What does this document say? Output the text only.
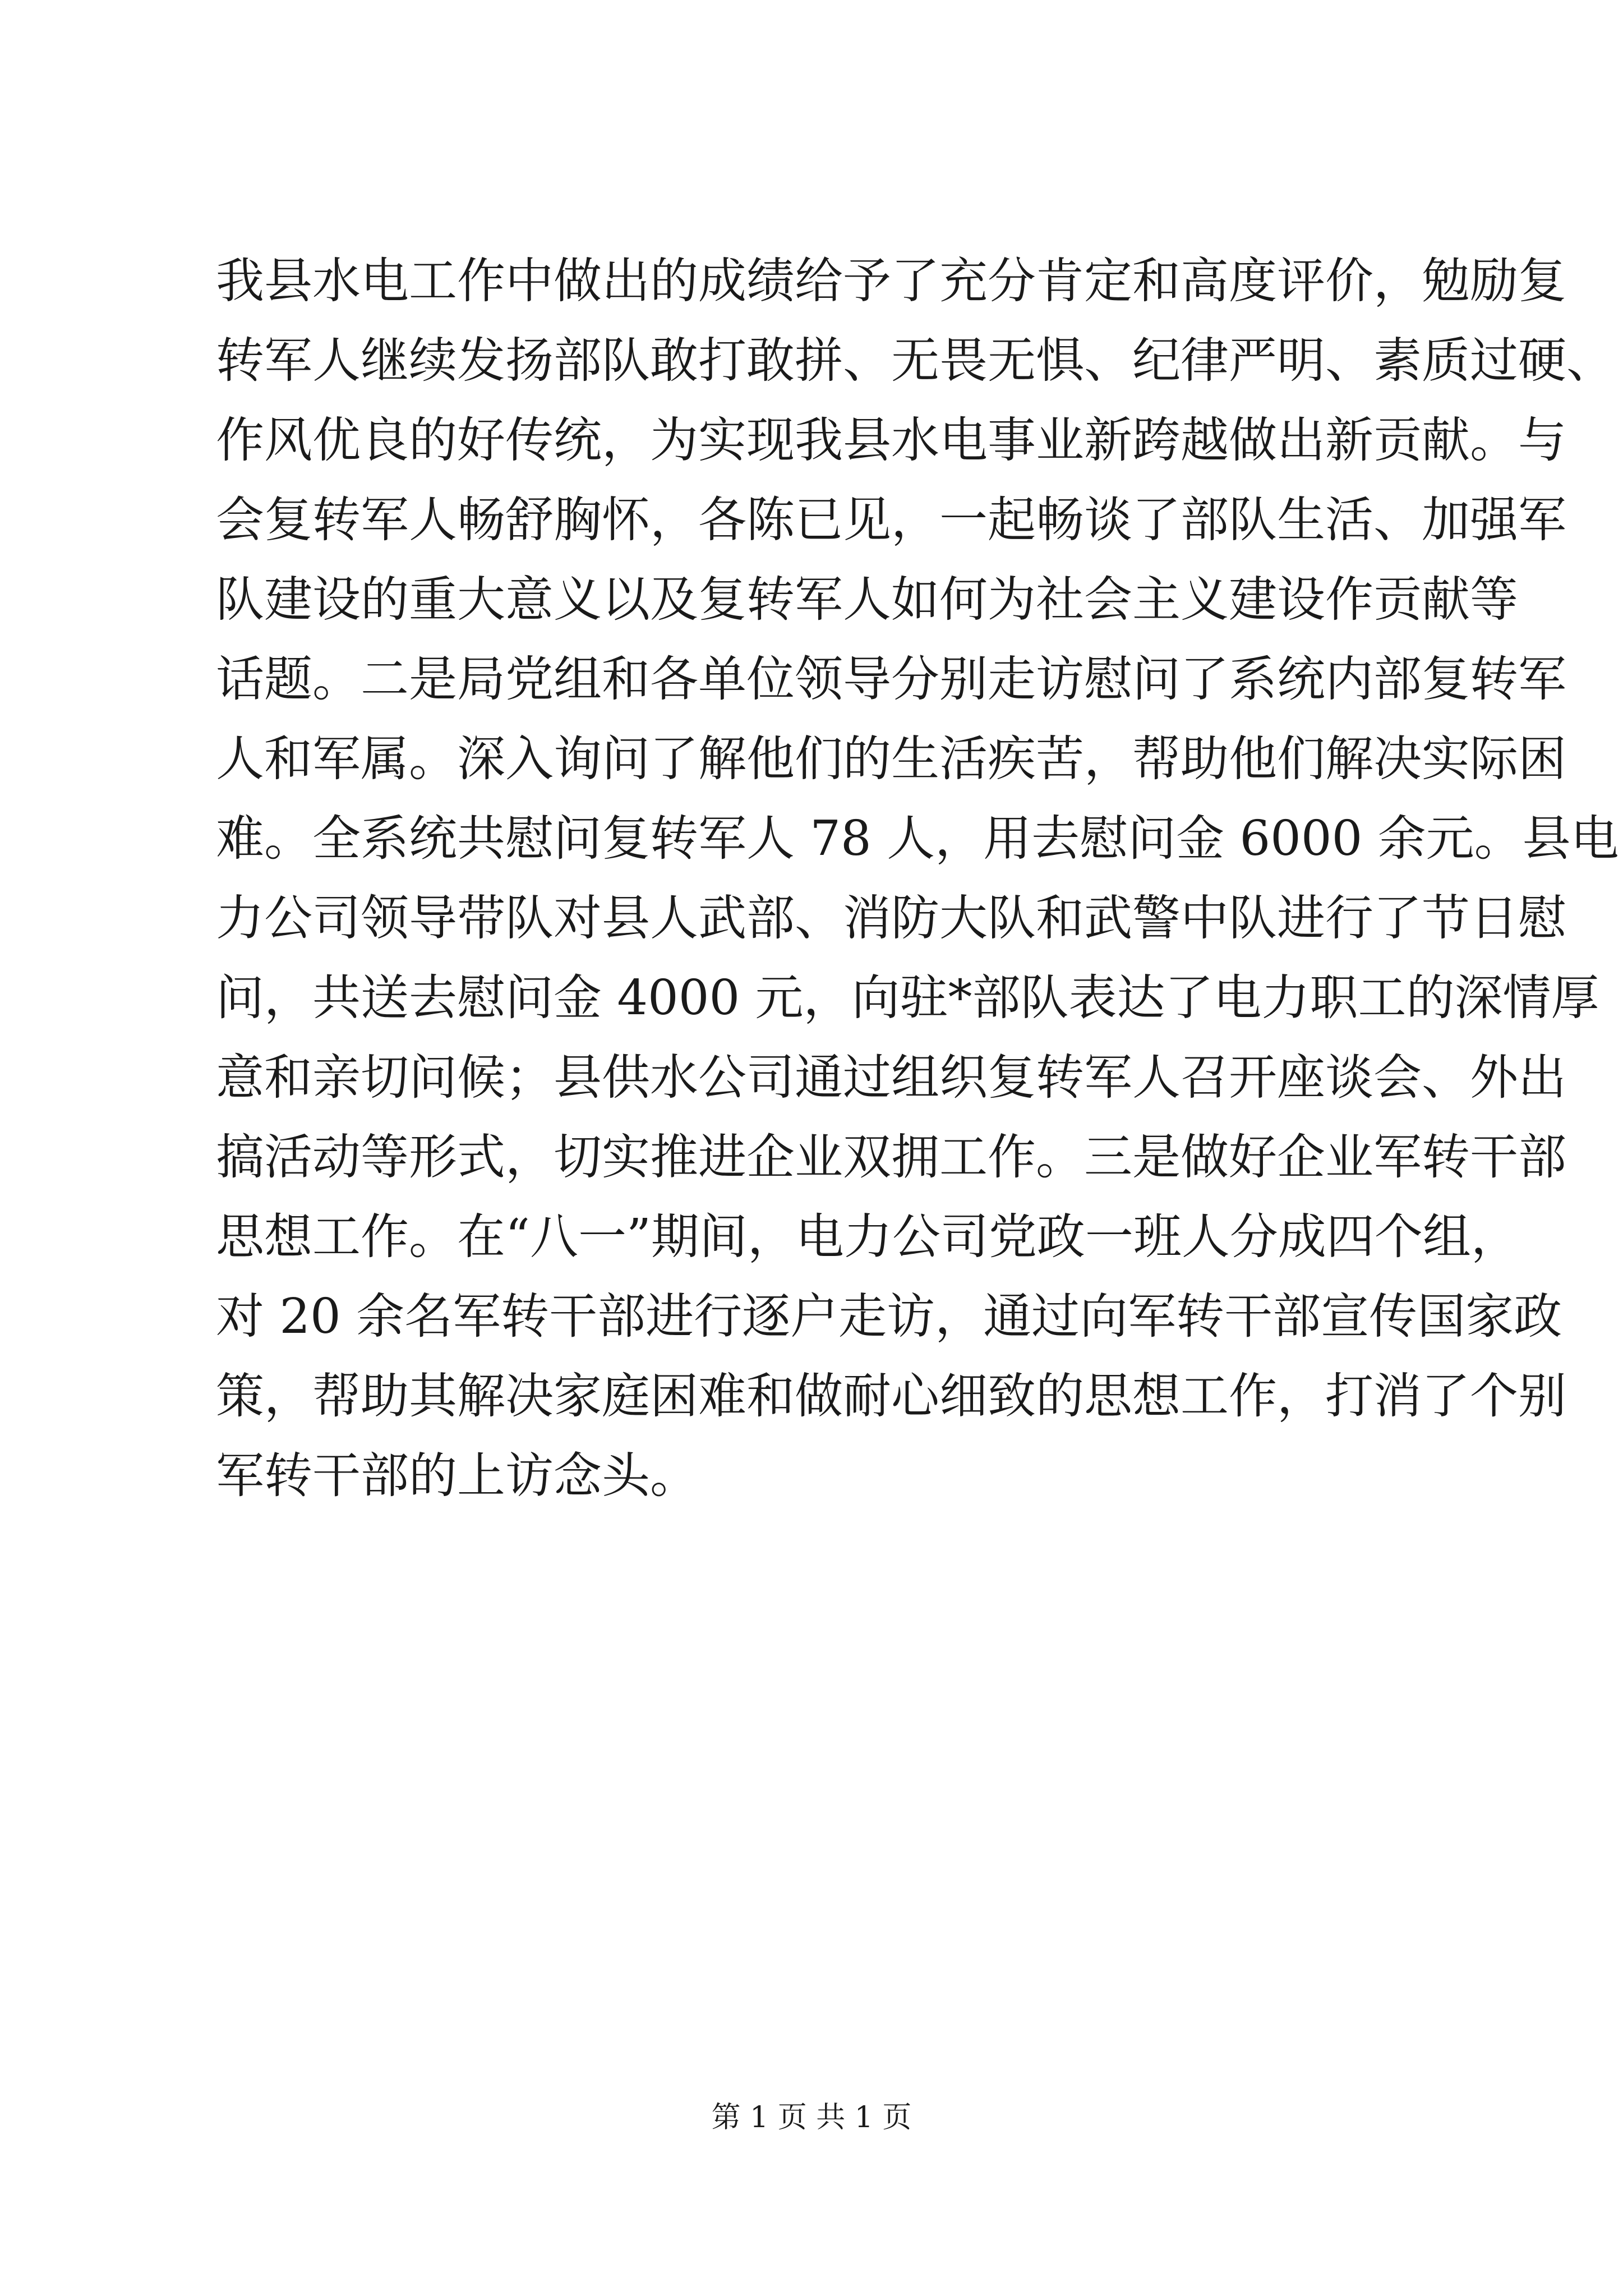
我县水电工作中做出的成绩给予了充分肯定和高度评价，勉励复
转军人继续发扬部队敢打敢拼、无畏无惧、纪律严明、素质过硬、
作风优良的好传统，为实现我县水电事业新跨越做出新贡献。与
会复转军人畅舒胸怀，各陈已见，一起畅谈了部队生活、加强军
队建设的重大意义以及复转军人如何为社会主义建设作贡献等
话题。二是局党组和各单位领导分别走访慰问了系统内部复转军
人和军属。深入询问了解他们的生活疾苦，帮助他们解决实际困
难。全系统共慰问复转军人 78 人，用去慰问金 6000 余元。县电
力公司领导带队对县人武部、消防大队和武警中队进行了节日慰
问，共送去慰问金 4000 元，向驻*部队表达了电力职工的深情厚
意和亲切问候；县供水公司通过组织复转军人召开座谈会、外出
搞活动等形式，切实推进企业双拥工作。三是做好企业军转干部
思想工作。在“八一”期间，电力公司党政一班人分成四个组，
对 20 余名军转干部进行逐户走访，通过向军转干部宣传国家政
策，帮助其解决家庭困难和做耐心细致的思想工作，打消了个别
军转干部的上访念头。
第 1 页 共 1 页
